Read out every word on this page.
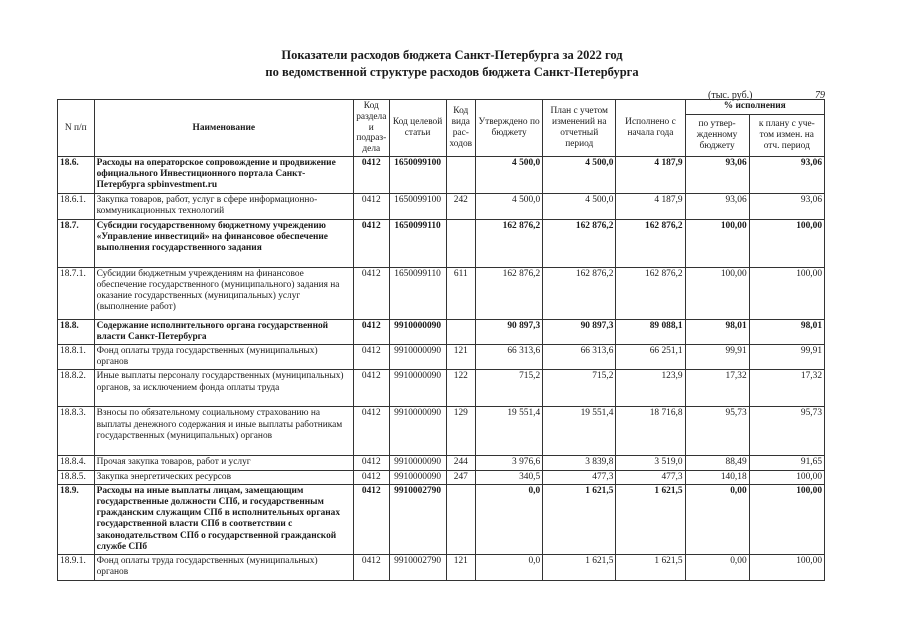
Показатели расходов бюджета Санкт-Петербурга за 2022 год
по ведомственной структуре расходов бюджета Санкт-Петербурга
(тыс. руб.)	79
N п/п	Наименование	Код раздела и подраз-дела	Код целевой статьи	Код вида рас-ходов	Утверждено по бюджету	План с учетом изменений на отчетный период	Исполнено с начала года	% исполнения	
								по утвер-жденному бюджету	к плану с уче-том измен. на отч. период
18.6.	Расходы на операторское сопровождение и продвижение официального Инвестиционного портала Санкт-Петербурга spbinvestment.ru	0412	1650099100		4 500,0	4 500,0	4 187,9	93,06	93,06
18.6.1.	Закупка товаров, работ, услуг в сфере информационно-коммуникационных технологий	0412	1650099100	242	4 500,0	4 500,0	4 187,9	93,06	93,06
18.7.	Субсидии государственному бюджетному учреждению «Управление инвестиций» на финансовое обеспечение выполнения государственного задания	0412	1650099110		162 876,2	162 876,2	162 876,2	100,00	100,00
18.7.1.	Субсидии бюджетным учреждениям на финансовое обеспечение государственного (муниципального) задания на оказание государственных (муниципальных) услуг (выполнение работ)	0412	1650099110	611	162 876,2	162 876,2	162 876,2	100,00	100,00
18.8.	Содержание исполнительного органа государственной власти Санкт-Петербурга	0412	9910000090		90 897,3	90 897,3	89 088,1	98,01	98,01
18.8.1.	Фонд оплаты труда государственных (муниципальных) органов	0412	9910000090	121	66 313,6	66 313,6	66 251,1	99,91	99,91
18.8.2.	Иные выплаты персоналу государственных (муниципальных) органов, за исключением фонда оплаты труда	0412	9910000090	122	715,2	715,2	123,9	17,32	17,32
18.8.3.	Взносы по обязательному социальному страхованию на выплаты денежного содержания и иные выплаты работникам государственных (муниципальных) органов	0412	9910000090	129	19 551,4	19 551,4	18 716,8	95,73	95,73
18.8.4.	Прочая закупка товаров, работ и услуг	0412	9910000090	244	3 976,6	3 839,8	3 519,0	88,49	91,65
18.8.5.	Закупка энергетических ресурсов	0412	9910000090	247	340,5	477,3	477,3	140,18	100,00
18.9.	Расходы на иные выплаты лицам, замещающим государственные должности СПб, и государственным гражданским служащим СПб в исполнительных органах государственной власти СПб в соответствии с законодательством СПб о государственной гражданской службе СПб	0412	9910002790		0,0	1 621,5	1 621,5	0,00	100,00
18.9.1.	Фонд оплаты труда государственных (муниципальных) органов	0412	9910002790	121	0,0	1 621,5	1 621,5	0,00	100,00
